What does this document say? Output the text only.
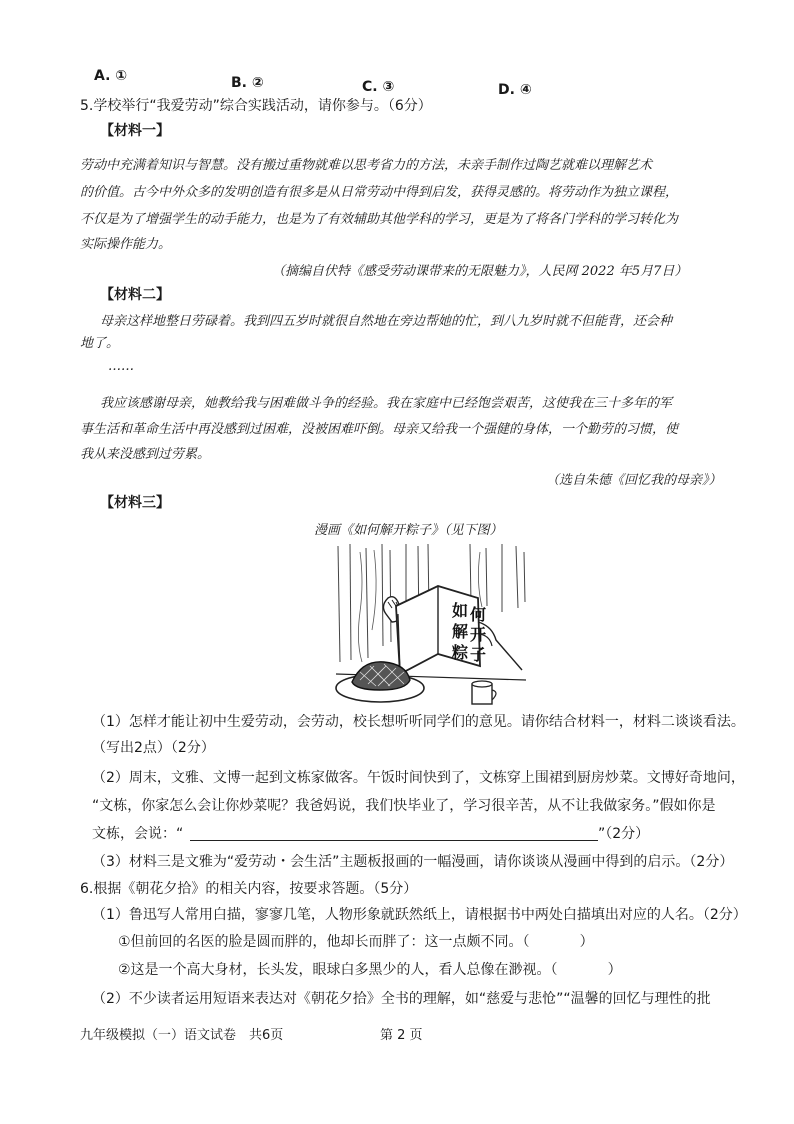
A. ①	B. ②	C. ③	D. ④
5.学校举行“我爱劳动”综合实践活动，请你参与。（6分）
【材料一】
劳动中充满着知识与智慧。没有搬过重物就难以思考省力的方法，未亲手制作过陶艺就难以理解艺术
的价值。古今中外众多的发明创造有很多是从日常劳动中得到启发，获得灵感的。将劳动作为独立课程，
不仅是为了增强学生的动手能力，也是为了有效辅助其他学科的学习，更是为了将各门学科的学习转化为
实际操作能力。
（摘编自伏特《感受劳动课带来的无限魅力》，人民网 2022 年5月7日）
【材料二】
母亲这样地整日劳碌着。我到四五岁时就很自然地在旁边帮她的忙，到八九岁时就不但能背，还会种
地了。
……
我应该感谢母亲，她教给我与困难做斗争的经验。我在家庭中已经饱尝艰苦，这使我在三十多年的军
事生活和革命生活中再没感到过困难，没被困难吓倒。母亲又给我一个强健的身体，一个勤劳的习惯，使
我从来没感到过劳累。
（选自朱德《回忆我的母亲》）
【材料三】
漫画《如何解开粽子》（见下图）
如 何
解 开
粽 子
（1）怎样才能让初中生爱劳动，会劳动，校长想听听同学们的意见。请你结合材料一，材料二谈谈看法。
（写出2点）（2分）
（2）周末，文雅、文博一起到文栋家做客。午饭时间快到了，文栋穿上围裙到厨房炒菜。文博好奇地问，
“文栋，你家怎么会让你炒菜呢？我爸妈说，我们快毕业了，学习很辛苦，从不让我做家务。”假如你是
文栋，会说：“	”（2分）
（3）材料三是文雅为“爱劳动・会生活”主题板报画的一幅漫画，请你谈谈从漫画中得到的启示。（2分）
6.根据《朝花夕拾》的相关内容，按要求答题。（5分）
（1）鲁迅写人常用白描，寥寥几笔，人物形象就跃然纸上，请根据书中两处白描填出对应的人名。（2分）
①但前回的名医的脸是圆而胖的，他却长而胖了：这一点颇不同。（	）
②这是一个高大身材，长头发，眼球白多黑少的人，看人总像在渺视。（	）
（2）不少读者运用短语来表达对《朝花夕拾》全书的理解，如“慈爱与悲怆”“温馨的回忆与理性的批
九年级模拟（一）语文试卷　共6页	第 2 页
